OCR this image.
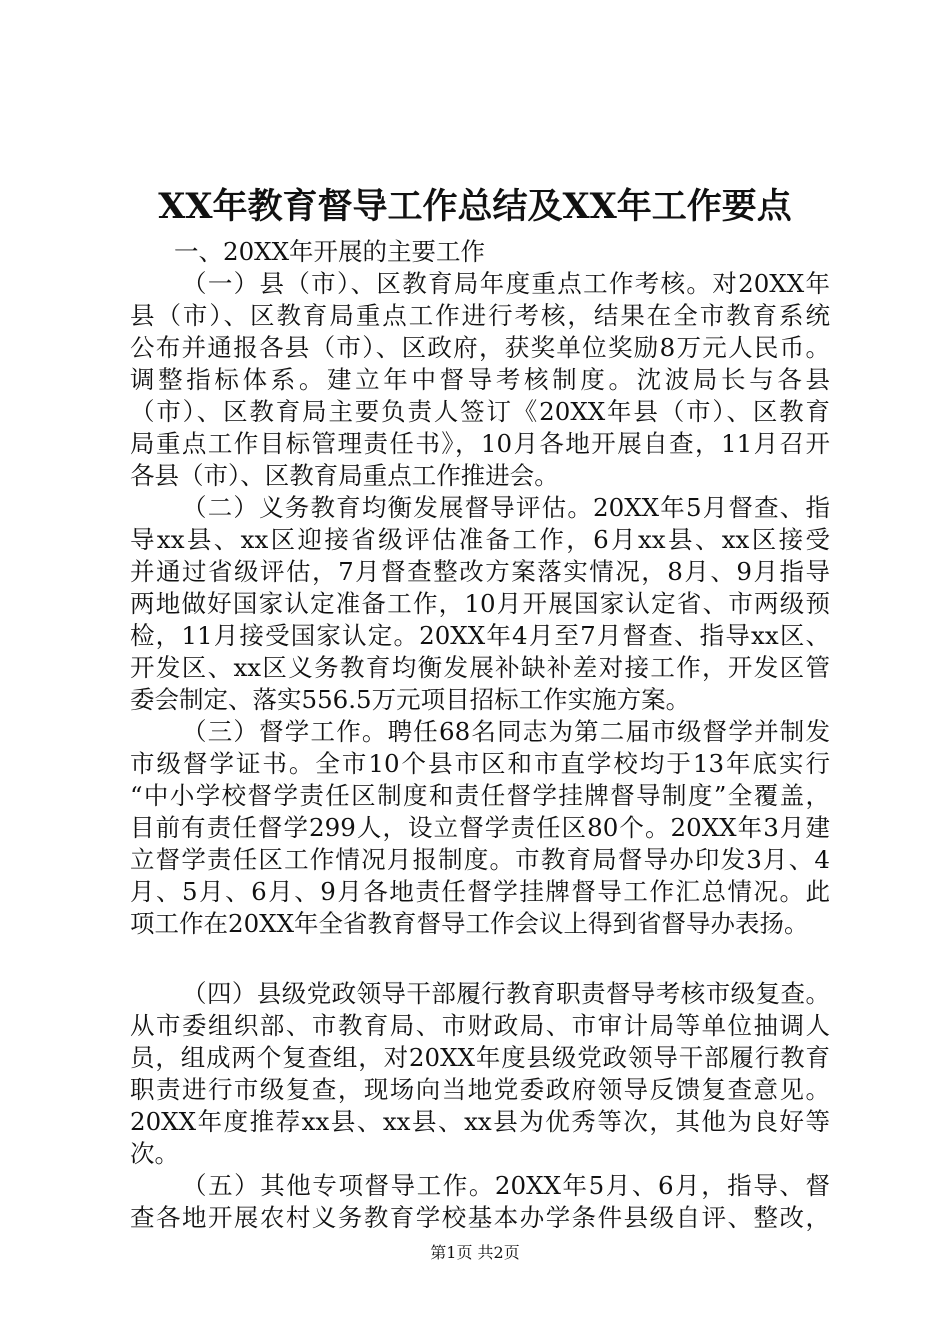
XX年教育督导工作总结及XX年工作要点
一、20XX年开展的主要工作
（一）县（市）、区教育局年度重点工作考核。对20XX年
县（市）、区教育局重点工作进行考核，结果在全市教育系统
公布并通报各县（市）、区政府，获奖单位奖励8万元人民币。
调整指标体系。建立年中督导考核制度。沈波局长与各县
（市）、区教育局主要负责人签订《20XX年县（市）、区教育
局重点工作目标管理责任书》，10月各地开展自查，11月召开
各县（市）、区教育局重点工作推进会。
（二）义务教育均衡发展督导评估。20XX年5月督查、指
导xx县、xx区迎接省级评估准备工作，6月xx县、xx区接受
并通过省级评估，7月督查整改方案落实情况，8月、9月指导
两地做好国家认定准备工作，10月开展国家认定省、市两级预
检，11月接受国家认定。20XX年4月至7月督查、指导xx区、
开发区、xx区义务教育均衡发展补缺补差对接工作，开发区管
委会制定、落实556.5万元项目招标工作实施方案。
（三）督学工作。聘任68名同志为第二届市级督学并制发
市级督学证书。全市10个县市区和市直学校均于13年底实行
“中小学校督学责任区制度和责任督学挂牌督导制度”全覆盖，
目前有责任督学299人，设立督学责任区80个。20XX年3月建
立督学责任区工作情况月报制度。市教育局督导办印发3月、4
月、5月、6月、9月各地责任督学挂牌督导工作汇总情况。此
项工作在20XX年全省教育督导工作会议上得到省督导办表扬。
（四）县级党政领导干部履行教育职责督导考核市级复查。
从市委组织部、市教育局、市财政局、市审计局等单位抽调人
员，组成两个复查组，对20XX年度县级党政领导干部履行教育
职责进行市级复查，现场向当地党委政府领导反馈复查意见。
20XX年度推荐xx县、xx县、xx县为优秀等次，其他为良好等
次。
（五）其他专项督导工作。20XX年5月、6月，指导、督
查各地开展农村义务教育学校基本办学条件县级自评、整改，
第1页 共2页
